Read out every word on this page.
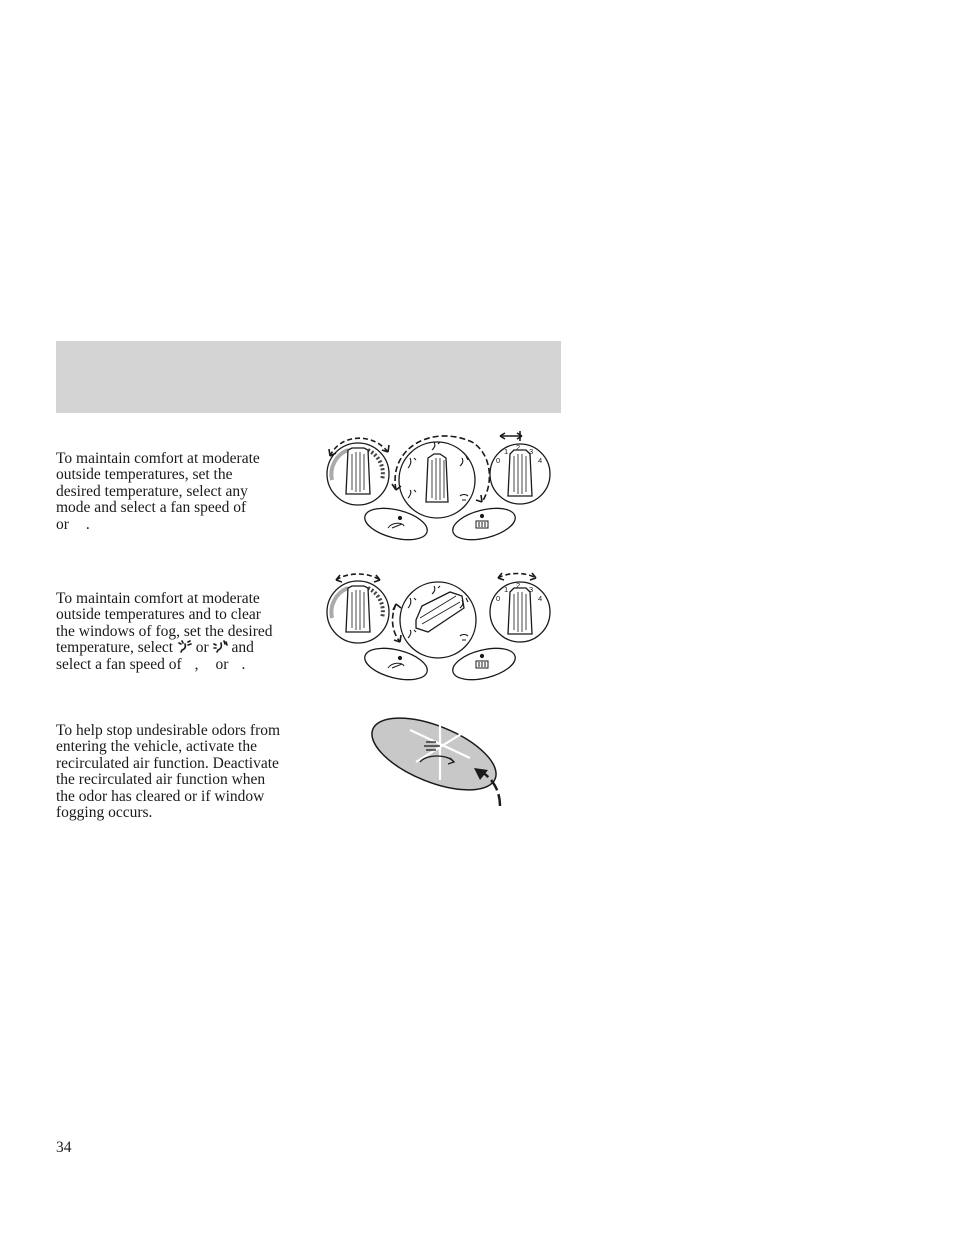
To maintain comfort at moderate
outside temperatures, set the
desired temperature, select any
mode and select a fan speed of
or .

To maintain comfort at moderate
outside temperatures and to clear
the windows of fog, set the desired
temperature, select or and
select a fan speed of , or .

To help stop undesirable odors from
entering the vehicle, activate the
recirculated air function. Deactivate
the recirculated air function when
the odor has cleared or if window
fogging occurs.

0
1 2 3
4
0
1 2 3
4
34
